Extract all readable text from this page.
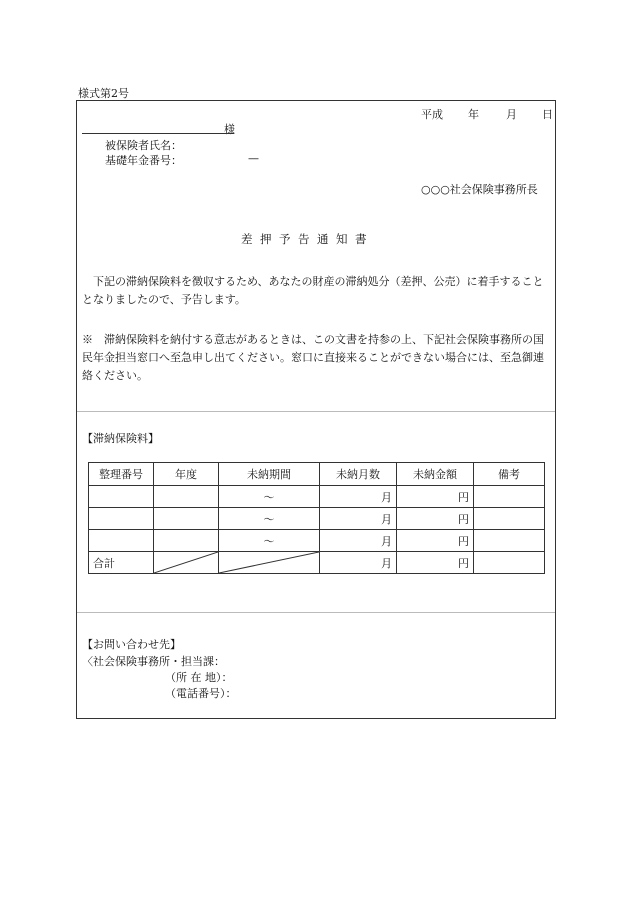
様式第2号
平成 年 月 日
様
被保険者氏名：
基礎年金番号：	—
○○○社会保険事務所長
差押予告通知書
下記の滞納保険料を徴収するため、あなたの財産の滞納処分（差押、公売）に着手することとなりましたので、予告します。
※　滞納保険料を納付する意志があるときは、この文書を持参の上、下記社会保険事務所の国民年金担当窓口へ至急申し出てください。窓口に直接来ることができない場合には、至急御連絡ください。
【滞納保険料】
整理番号	年度	未納期間	未納月数	未納金額	備考
		～	月	円	
		～	月	円	
		～	月	円	
合計			月	円	
【お問い合わせ先】
〈社会保険事務所・担当課：
（所 在 地）：
（電話番号）：
